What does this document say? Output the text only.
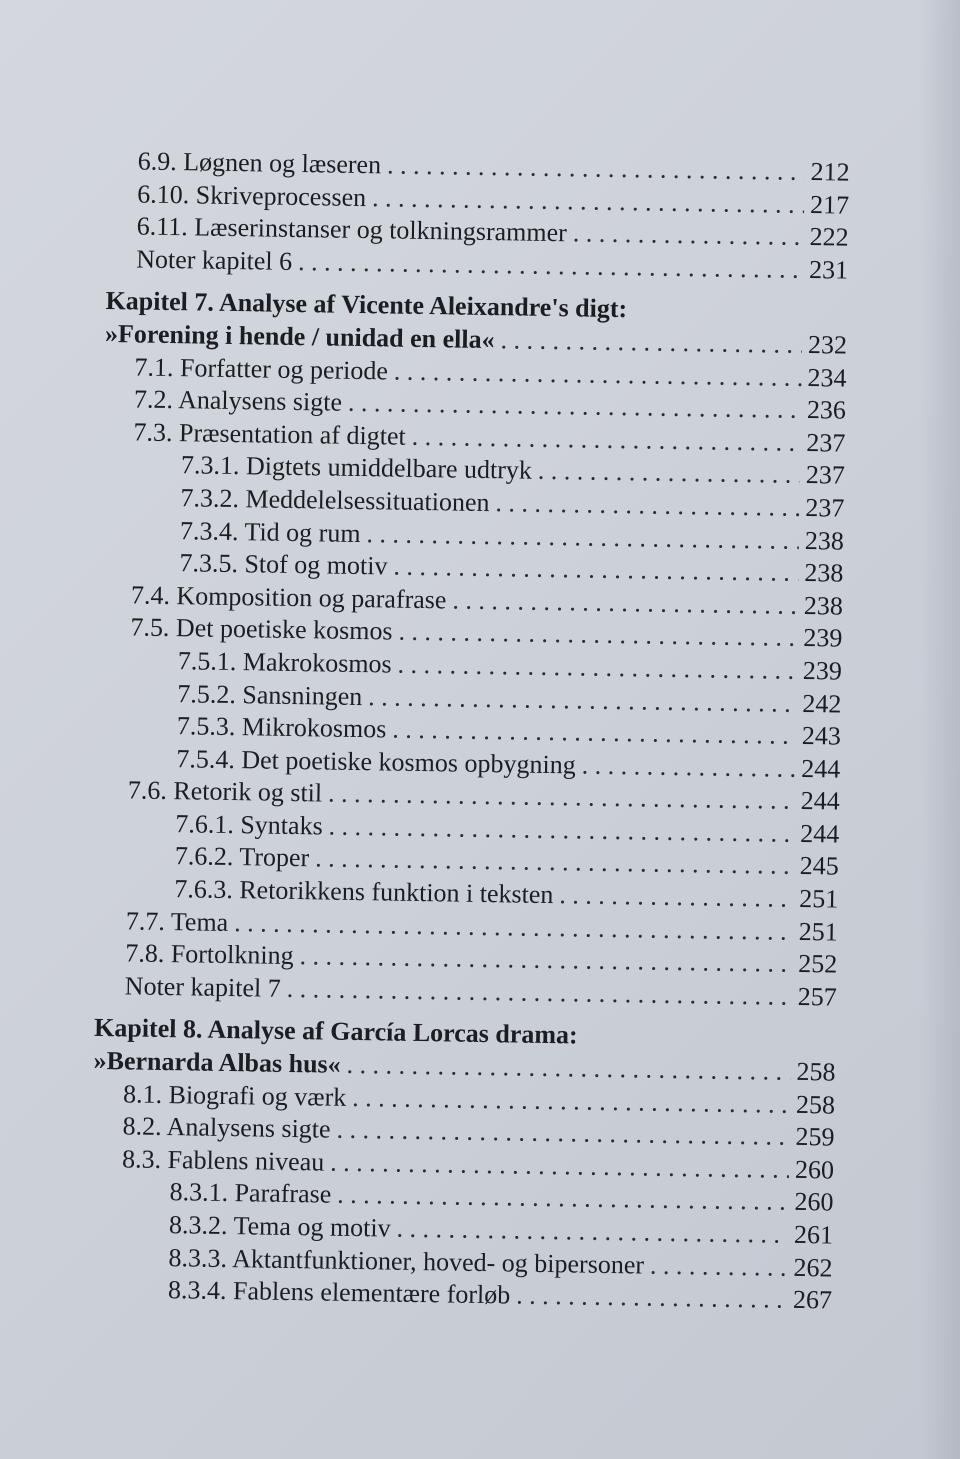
6.9. Løgnen og læseren . . .	212
6.10. Skriveprocessen . . .	217
6.11. Læserinstanser og tolkningsrammer . . .	222
Noter kapitel 6 . . .	231
Kapitel 7. Analyse af Vicente Aleixandre's digt:
»Forening i hende / unidad en ella« . . .	232
7.1. Forfatter og periode . . .	234
7.2. Analysens sigte . . .	236
7.3. Præsentation af digtet . . .	237
7.3.1. Digtets umiddelbare udtryk . . .	237
7.3.2. Meddelelsessituationen . . .	237
7.3.4. Tid og rum . . .	238
7.3.5. Stof og motiv . . .	238
7.4. Komposition og parafrase . . .	238
7.5. Det poetiske kosmos . . .	239
7.5.1. Makrokosmos . . .	239
7.5.2. Sansningen . . .	242
7.5.3. Mikrokosmos . . .	243
7.5.4. Det poetiske kosmos opbygning . . .	244
7.6. Retorik og stil . . .	244
7.6.1. Syntaks . . .	244
7.6.2. Troper . . .	245
7.6.3. Retorikkens funktion i teksten . . .	251
7.7. Tema . . .	251
7.8. Fortolkning . . .	252
Noter kapitel 7 . . .	257
Kapitel 8. Analyse af García Lorcas drama:
»Bernarda Albas hus« . . .	258
8.1. Biografi og værk . . .	258
8.2. Analysens sigte . . .	259
8.3. Fablens niveau . . .	260
8.3.1. Parafrase . . .	260
8.3.2. Tema og motiv . . .	261
8.3.3. Aktantfunktioner, hoved- og bipersoner . . .	262
8.3.4. Fablens elementære forløb . . .	267
